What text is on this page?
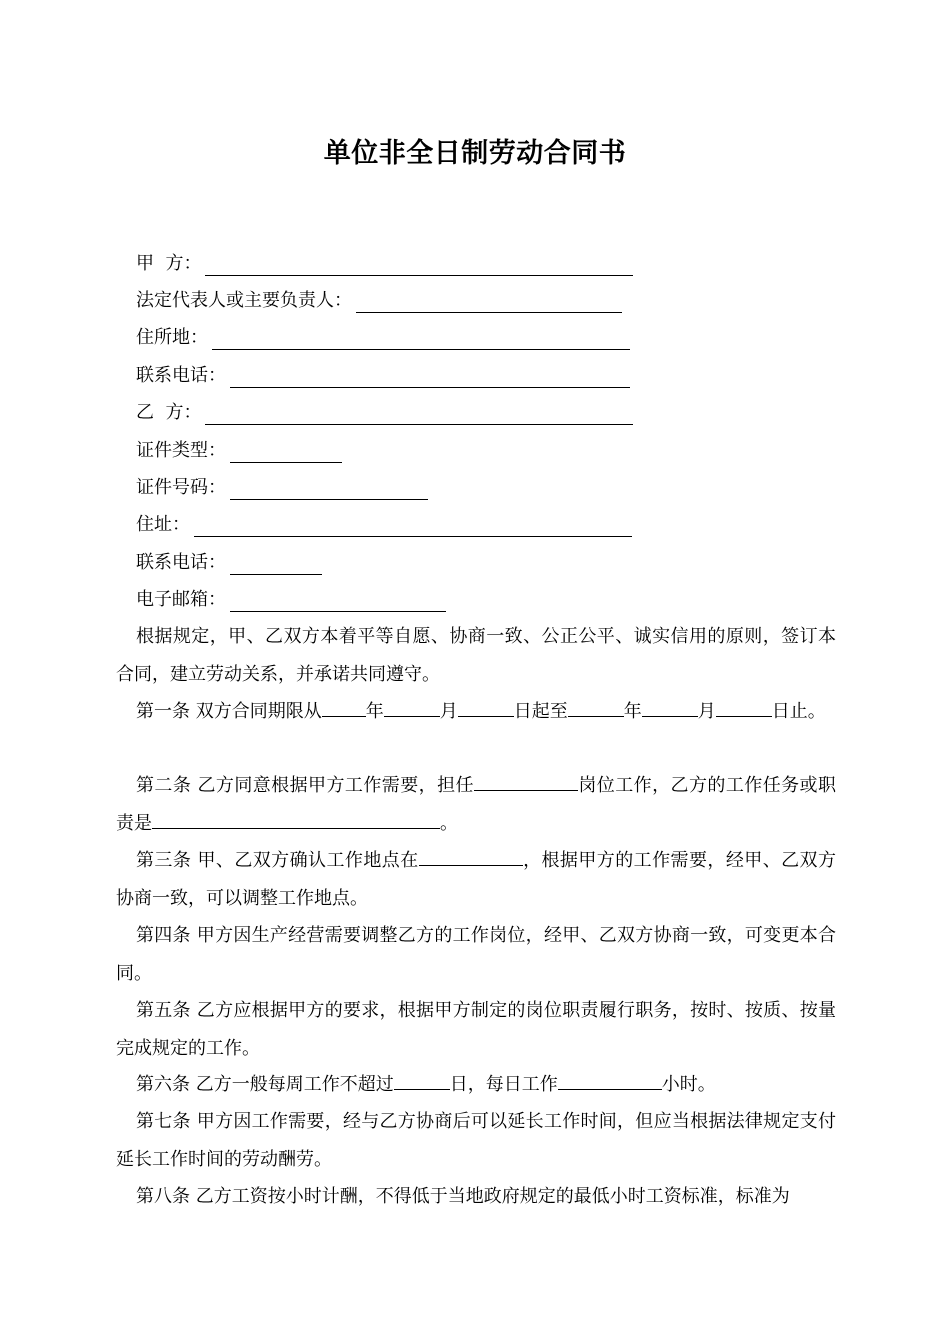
单位非全日制劳动合同书
甲  方：
法定代表人或主要负责人：
住所地：
联系电话：
乙  方：
证件类型：
证件号码：
住址：
联系电话：
电子邮箱：
根据规定，甲、乙双方本着平等自愿、协商一致、公正公平、诚实信用的原则，签订本合同，建立劳动关系，并承诺共同遵守。
第一条 双方合同期限从 年	月	日起至	年	月	日止。
第二条 乙方同意根据甲方工作需要，担任	岗位工作，乙方的工作任务或职责是	。
第三条 甲、乙双方确认工作地点在	，根据甲方的工作需要，经甲、乙双方协商一致，可以调整工作地点。
第四条 甲方因生产经营需要调整乙方的工作岗位，经甲、乙双方协商一致，可变更本合同。
第五条 乙方应根据甲方的要求，根据甲方制定的岗位职责履行职务，按时、按质、按量完成规定的工作。
第六条 乙方一般每周工作不超过	日，每日工作	小时。
第七条 甲方因工作需要，经与乙方协商后可以延长工作时间，但应当根据法律规定支付延长工作时间的劳动酬劳。
第八条 乙方工资按小时计酬，不得低于当地政府规定的最低小时工资标准，标准为
